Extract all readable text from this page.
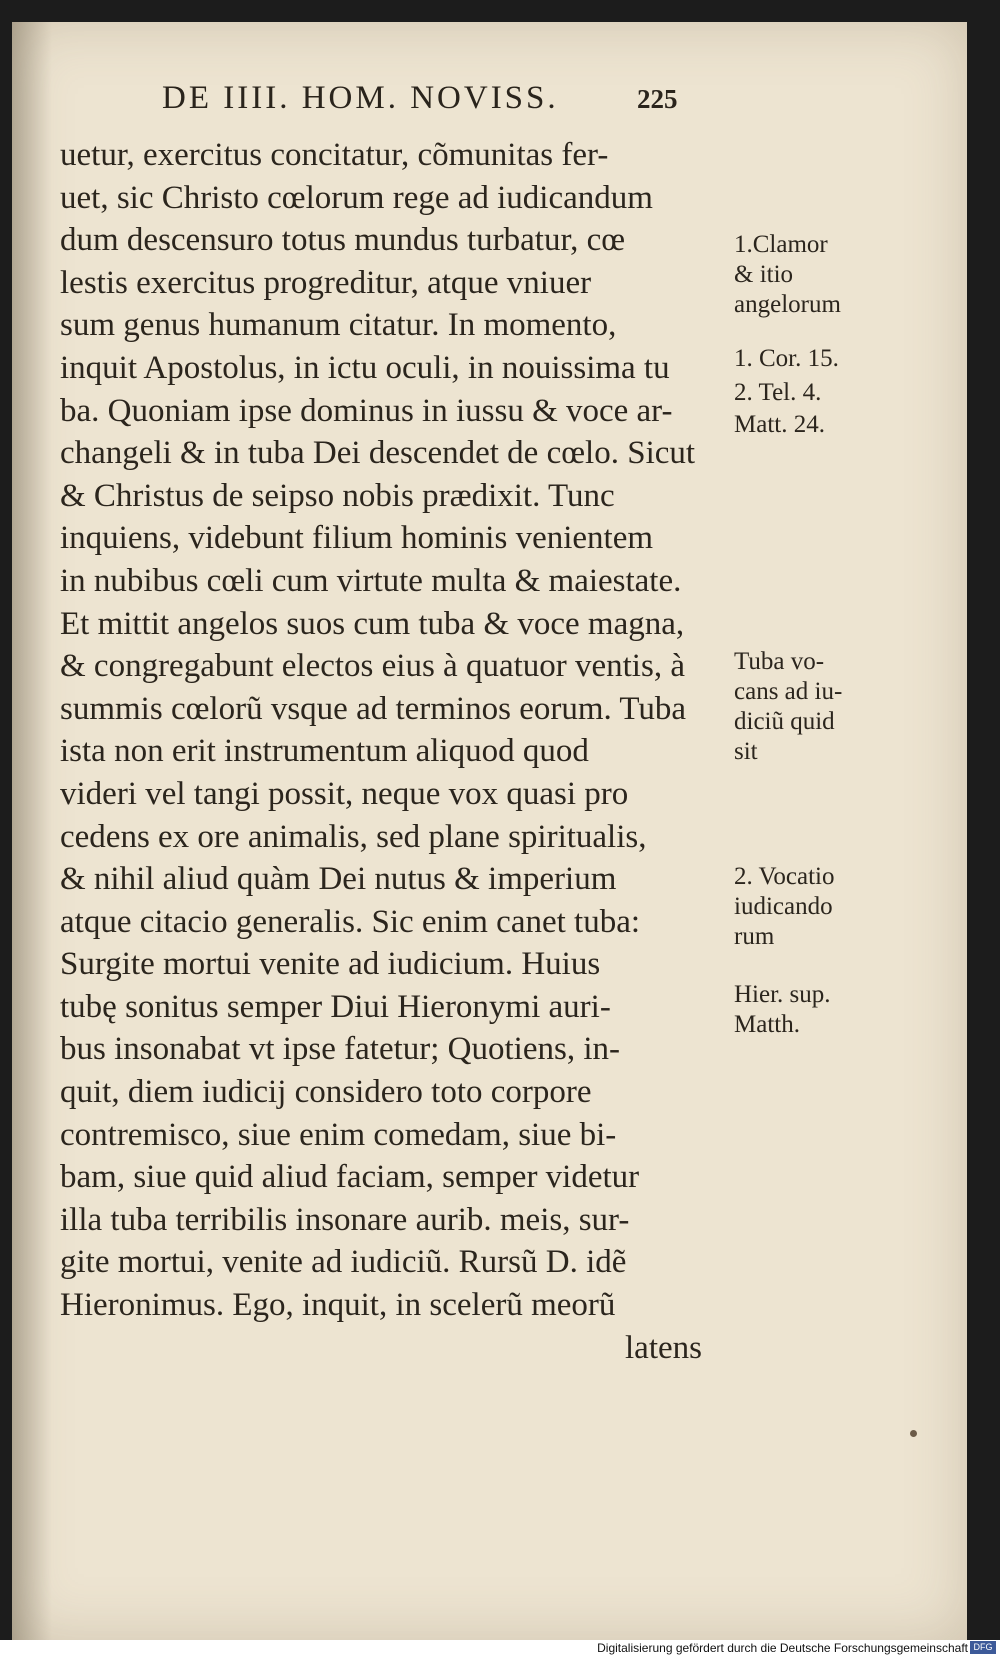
DE IIII. HOM. NOVISS.	225
uetur, exercitus concitatur, cõmunitas fer-
uet, sic Christo cœlorum rege ad iudicandum
dum descensuro totus mundus turbatur, cœ
lestis exercitus progreditur, atque vniuer
sum genus humanum citatur. In momento,
inquit Apostolus, in ictu oculi, in nouissima tu
ba. Quoniam ipse dominus in iussu & voce ar-
changeli & in tuba Dei descendet de cœlo. Sicut
& Christus de seipso nobis prædixit. Tunc
inquiens, videbunt filium hominis venientem
in nubibus cœli cum virtute multa & maiestate.
Et mittit angelos suos cum tuba & voce magna,
& congregabunt electos eius à quatuor ventis, à
summis cœlorũ vsque ad terminos eorum. Tuba
ista non erit instrumentum aliquod quod
videri vel tangi possit, neque vox quasi pro
cedens ex ore animalis, sed plane spiritualis,
& nihil aliud quàm Dei nutus & imperium
atque citacio generalis. Sic enim canet tuba:
Surgite mortui venite ad iudicium. Huius
tubę sonitus semper Diui Hieronymi auri-
bus insonabat vt ipse fatetur; Quotiens, in-
quit, diem iudicij considero toto corpore
contremisco, siue enim comedam, siue bi-
bam, siue quid aliud faciam, semper videtur
illa tuba terribilis insonare aurib. meis, sur-
gite mortui, venite ad iudiciũ. Rursũ D. idẽ
Hieronimus. Ego, inquit, in scelerũ meorũ
latens
1.Clamor
& itio
angelorum
1. Cor. 15.
2. Tel. 4.
Matt. 24.
Tuba vo-
cans ad iu-
diciũ quid
sit
2. Vocatio
iudicando
rum
Hier. sup.
Matth.
Digitalisierung gefördert durch die Deutsche Forschungsgemeinschaft DFG
